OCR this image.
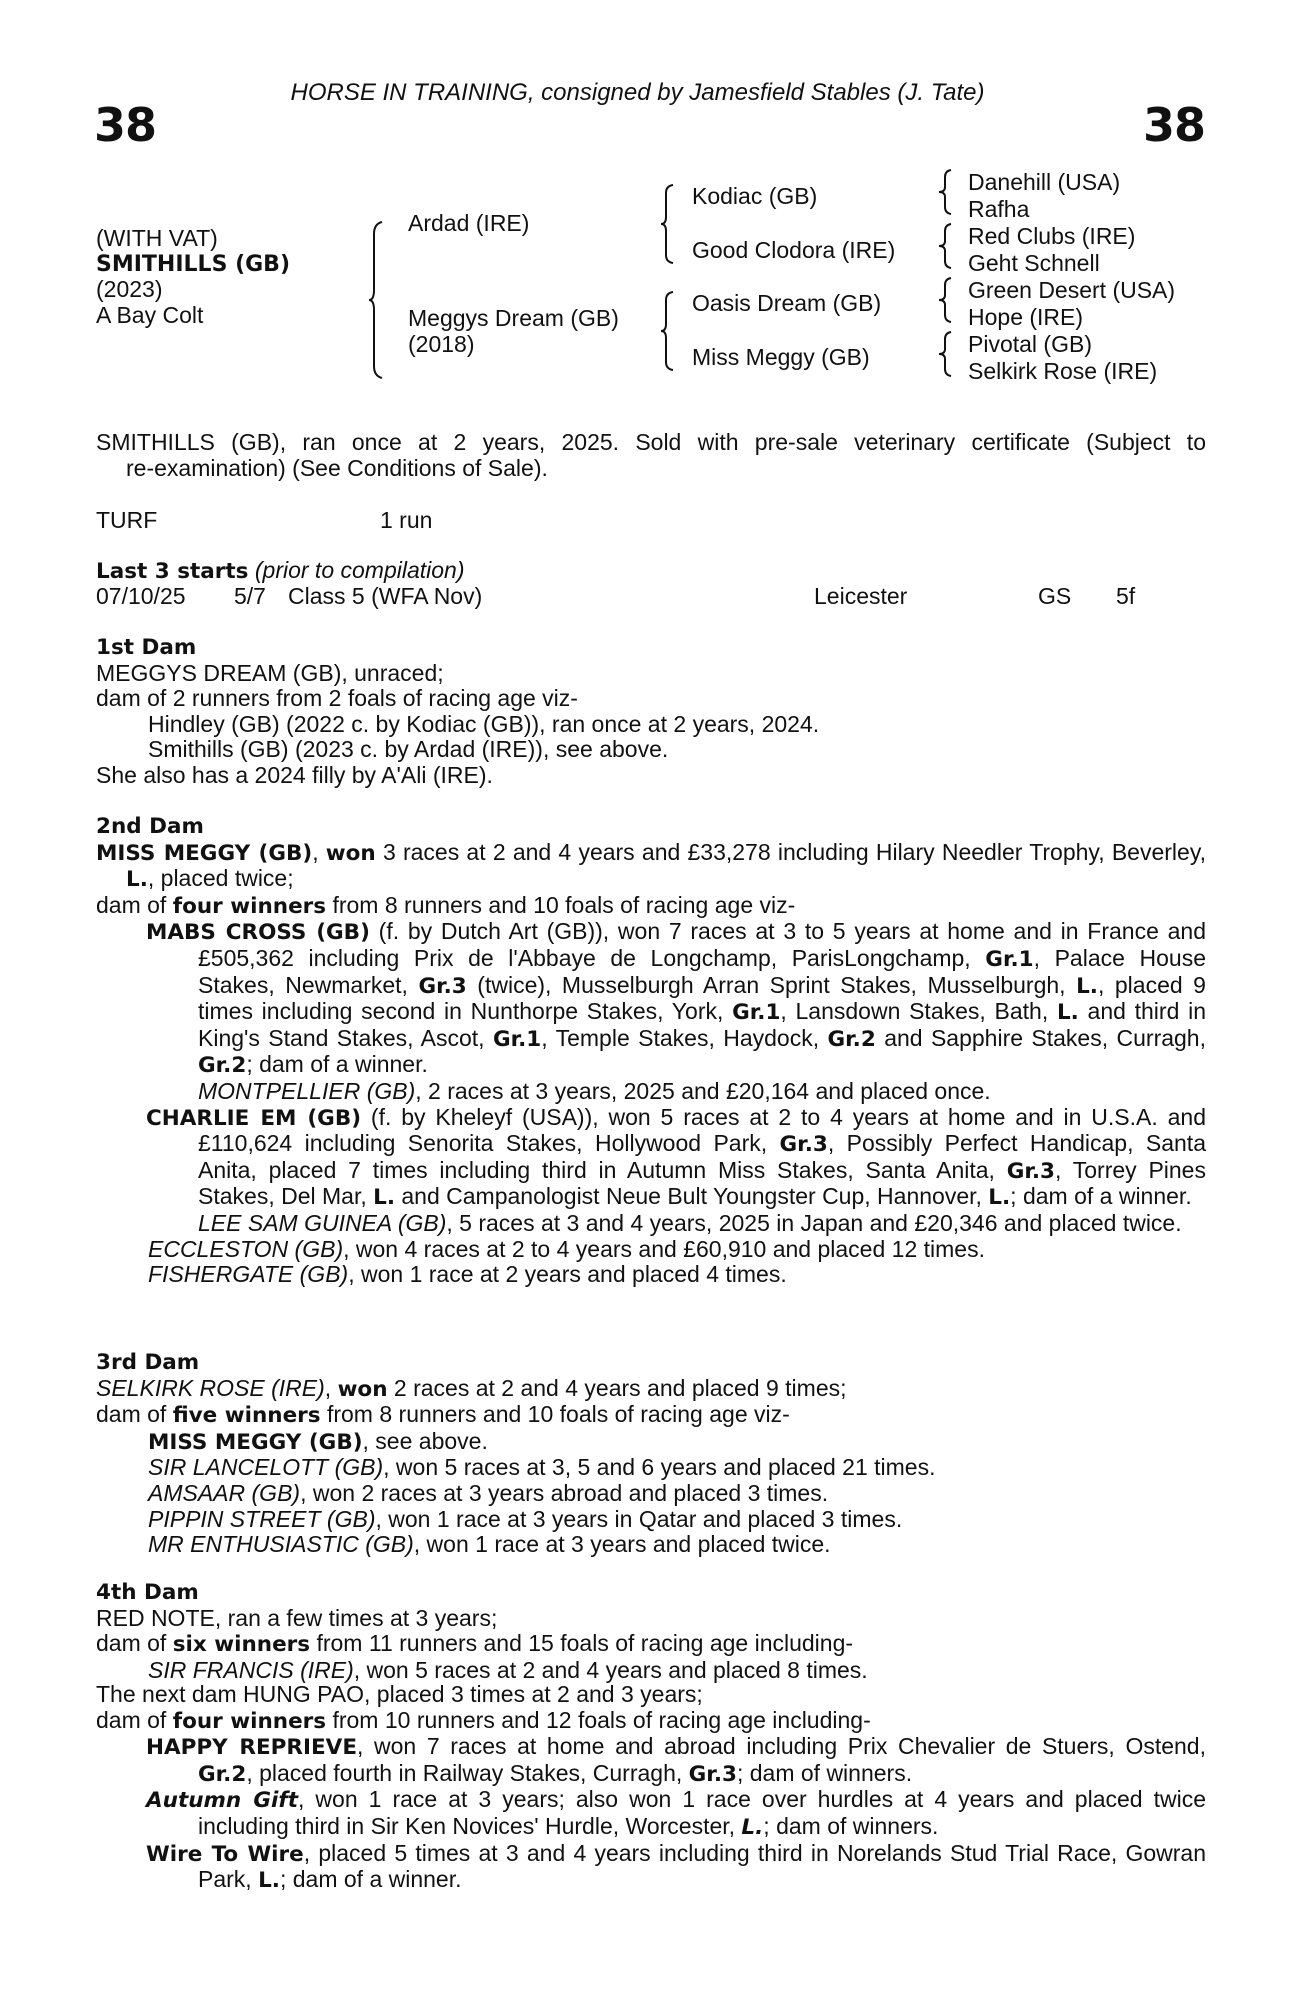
HORSE IN TRAINING, consigned by Jamesfield Stables (J. Tate)
38	38
(WITH VAT)
SMITHILLS (GB)
(2023)
A Bay Colt
Ardad (IRE)
Meggys Dream (GB)
(2018)
Kodiac (GB)
Good Clodora (IRE)
Oasis Dream (GB)
Miss Meggy (GB)
Danehill (USA)
Rafha
Red Clubs (IRE)
Geht Schnell
Green Desert (USA)
Hope (IRE)
Pivotal (GB)
Selkirk Rose (IRE)
SMITHILLS (GB), ran once at 2 years, 2025. Sold with pre-sale veterinary certificate (Subject to
re-examination) (See Conditions of Sale).
TURF	1 run
Last 3 starts (prior to compilation)
07/10/25 5/7 Class 5 (WFA Nov)	Leicester	GS 5f
1st Dam
MEGGYS DREAM (GB), unraced;
dam of 2 runners from 2 foals of racing age viz-
Hindley (GB) (2022 c. by Kodiac (GB)), ran once at 2 years, 2024.
Smithills (GB) (2023 c. by Ardad (IRE)), see above.
She also has a 2024 filly by A'Ali (IRE).
2nd Dam
MISS MEGGY (GB), won 3 races at 2 and 4 years and £33,278 including Hilary Needler Trophy, Beverley, L., placed twice;
dam of four winners from 8 runners and 10 foals of racing age viz-
MABS CROSS (GB) (f. by Dutch Art (GB)), won 7 races at 3 to 5 years at home and in France and £505,362 including Prix de l'Abbaye de Longchamp, ParisLongchamp, Gr.1, Palace House Stakes, Newmarket, Gr.3 (twice), Musselburgh Arran Sprint Stakes, Musselburgh, L., placed 9 times including second in Nunthorpe Stakes, York, Gr.1, Lansdown Stakes, Bath, L. and third in King's Stand Stakes, Ascot, Gr.1, Temple Stakes, Haydock, Gr.2 and Sapphire Stakes, Curragh, Gr.2; dam of a winner.
MONTPELLIER (GB), 2 races at 3 years, 2025 and £20,164 and placed once.
CHARLIE EM (GB) (f. by Kheleyf (USA)), won 5 races at 2 to 4 years at home and in U.S.A. and £110,624 including Senorita Stakes, Hollywood Park, Gr.3, Possibly Perfect Handicap, Santa Anita, placed 7 times including third in Autumn Miss Stakes, Santa Anita, Gr.3, Torrey Pines Stakes, Del Mar, L. and Campanologist Neue Bult Youngster Cup, Hannover, L.; dam of a winner.
LEE SAM GUINEA (GB), 5 races at 3 and 4 years, 2025 in Japan and £20,346 and placed twice.
ECCLESTON (GB), won 4 races at 2 to 4 years and £60,910 and placed 12 times.
FISHERGATE (GB), won 1 race at 2 years and placed 4 times.
3rd Dam
SELKIRK ROSE (IRE), won 2 races at 2 and 4 years and placed 9 times;
dam of five winners from 8 runners and 10 foals of racing age viz-
MISS MEGGY (GB), see above.
SIR LANCELOTT (GB), won 5 races at 3, 5 and 6 years and placed 21 times.
AMSAAR (GB), won 2 races at 3 years abroad and placed 3 times.
PIPPIN STREET (GB), won 1 race at 3 years in Qatar and placed 3 times.
MR ENTHUSIASTIC (GB), won 1 race at 3 years and placed twice.
4th Dam
RED NOTE, ran a few times at 3 years;
dam of six winners from 11 runners and 15 foals of racing age including-
SIR FRANCIS (IRE), won 5 races at 2 and 4 years and placed 8 times.
The next dam HUNG PAO, placed 3 times at 2 and 3 years;
dam of four winners from 10 runners and 12 foals of racing age including-
HAPPY REPRIEVE, won 7 races at home and abroad including Prix Chevalier de Stuers, Ostend, Gr.2, placed fourth in Railway Stakes, Curragh, Gr.3; dam of winners.
Autumn Gift, won 1 race at 3 years; also won 1 race over hurdles at 4 years and placed twice including third in Sir Ken Novices' Hurdle, Worcester, L.; dam of winners.
Wire To Wire, placed 5 times at 3 and 4 years including third in Norelands Stud Trial Race, Gowran Park, L.; dam of a winner.
